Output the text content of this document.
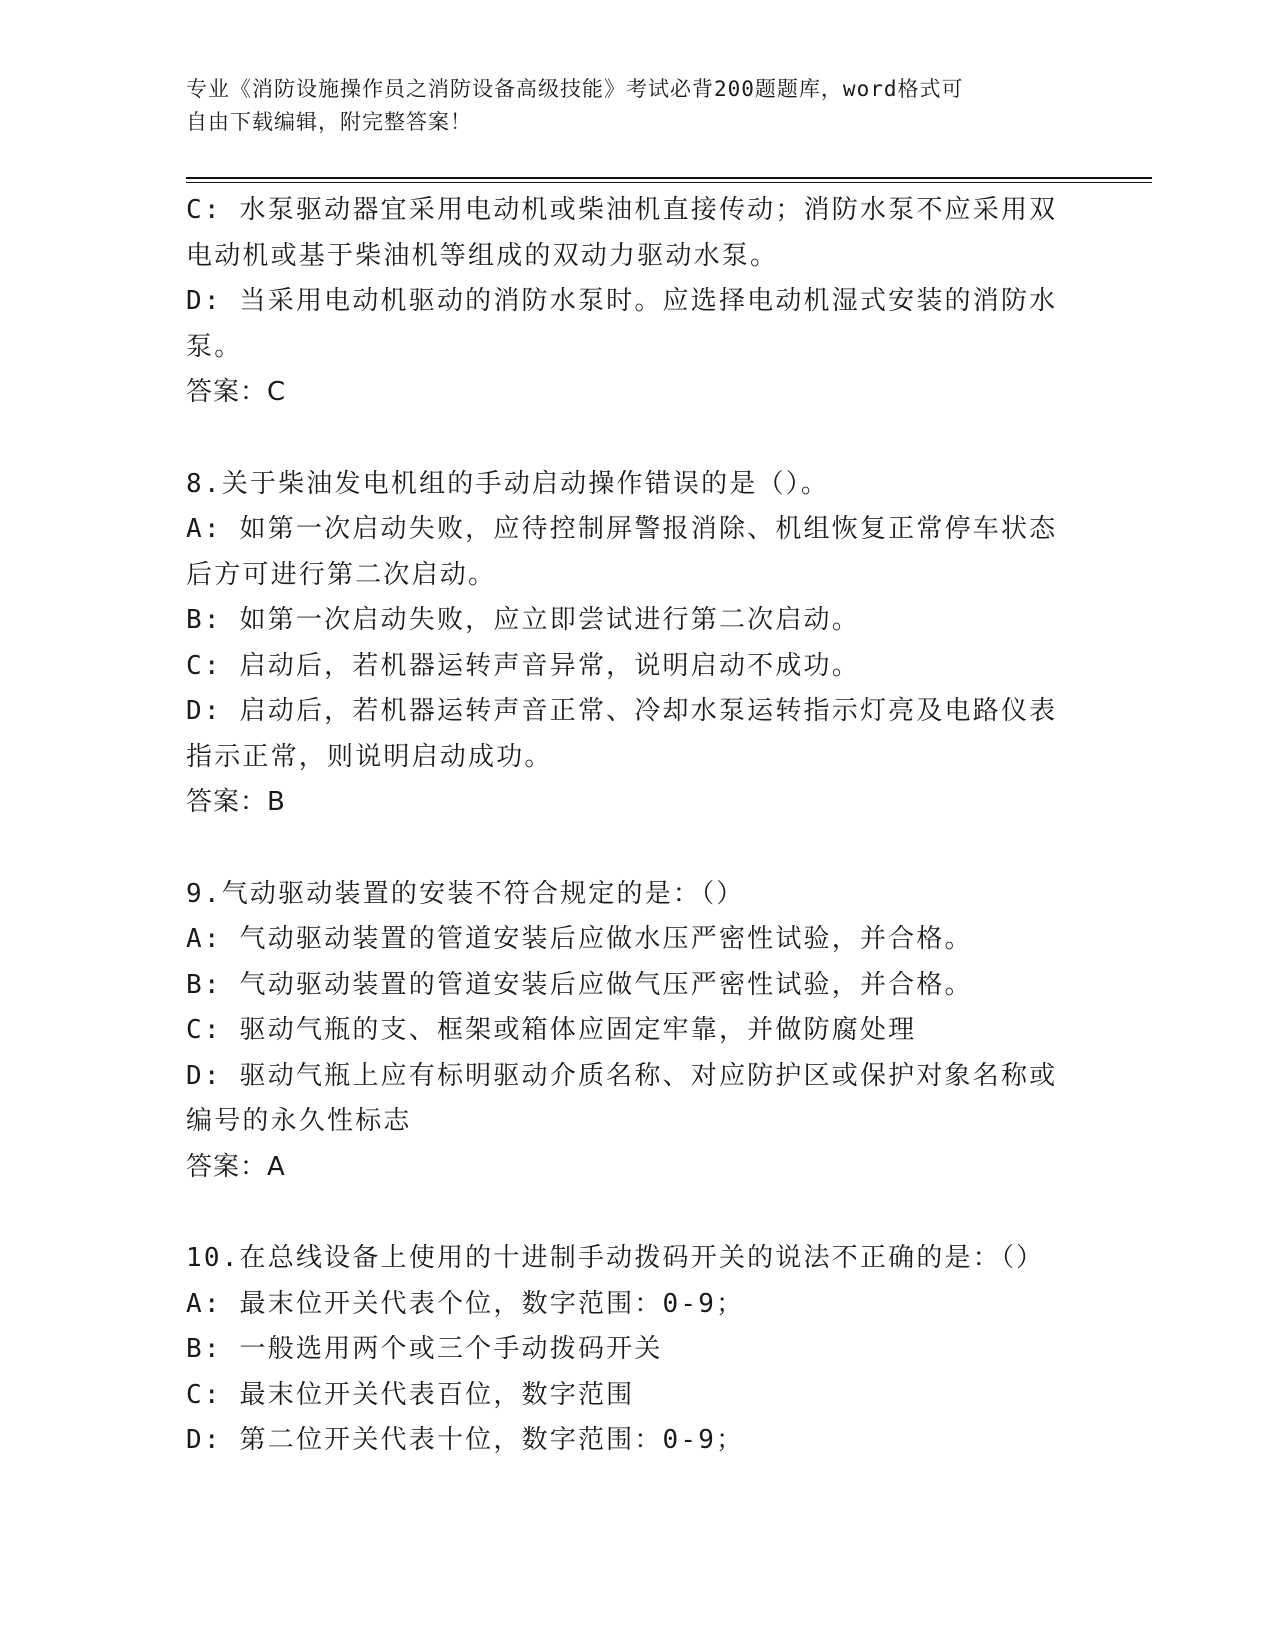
专业《消防设施操作员之消防设备高级技能》考试必背200题题库，word格式可
自由下载编辑，附完整答案！

C: 水泵驱动器宜采用电动机或柴油机直接传动；消防水泵不应采用双

电动机或基于柴油机等组成的双动力驱动水泵。

D: 当采用电动机驱动的消防水泵时。应选择电动机湿式安装的消防水

泵。

答案：C

8.关于柴油发电机组的手动启动操作错误的是（）。

A: 如第一次启动失败，应待控制屏警报消除、机组恢复正常停车状态

后方可进行第二次启动。

B: 如第一次启动失败，应立即尝试进行第二次启动。

C: 启动后，若机器运转声音异常，说明启动不成功。

D: 启动后，若机器运转声音正常、冷却水泵运转指示灯亮及电路仪表

指示正常，则说明启动成功。

答案：B

9.气动驱动装置的安装不符合规定的是：（）

A: 气动驱动装置的管道安装后应做水压严密性试验，并合格。

B: 气动驱动装置的管道安装后应做气压严密性试验，并合格。

C: 驱动气瓶的支、框架或箱体应固定牢靠，并做防腐处理

D: 驱动气瓶上应有标明驱动介质名称、对应防护区或保护对象名称或

编号的永久性标志

答案：A

10.在总线设备上使用的十进制手动拨码开关的说法不正确的是：（）

A: 最末位开关代表个位，数字范围：0-9；

B: 一般选用两个或三个手动拨码开关

C: 最末位开关代表百位，数字范围

D: 第二位开关代表十位，数字范围：0-9；
